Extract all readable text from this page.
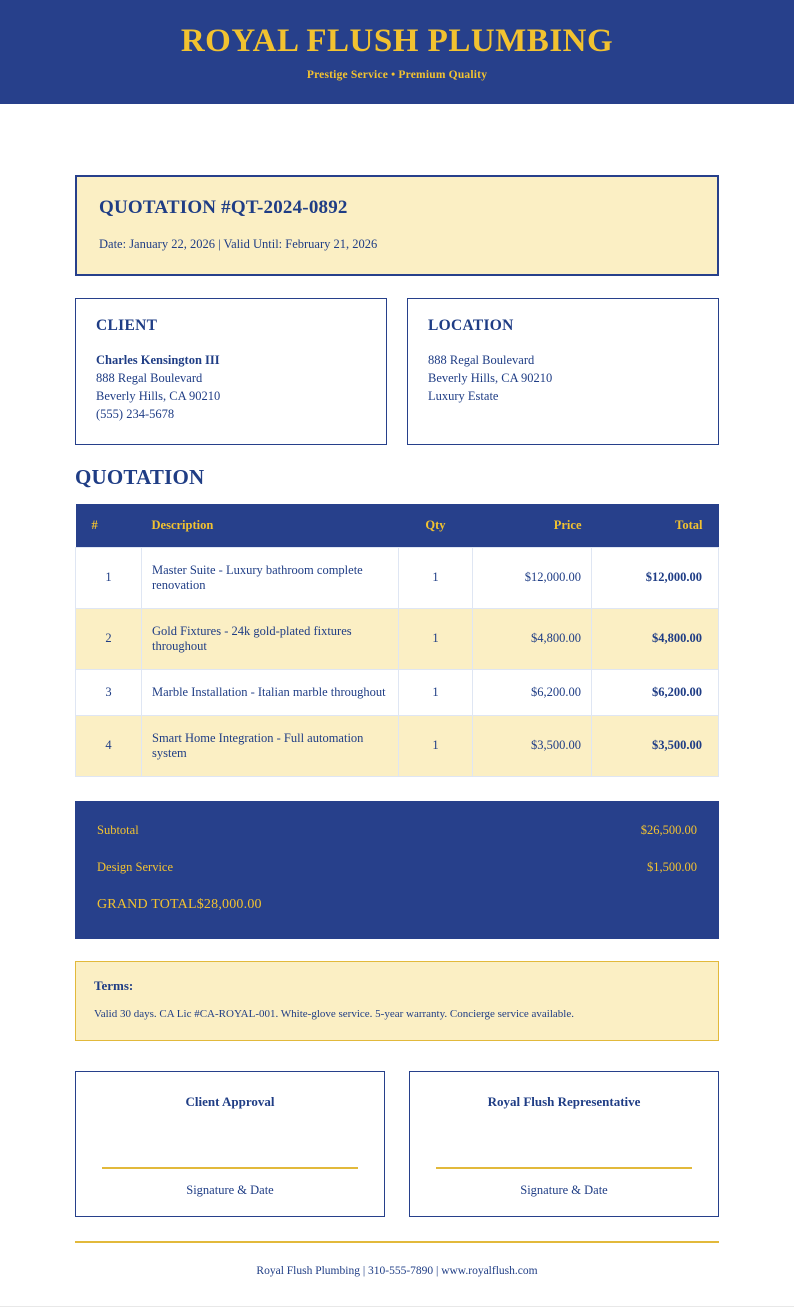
ROYAL FLUSH PLUMBING
Prestige Service • Premium Quality
QUOTATION #QT-2024-0892
Date: January 22, 2026 | Valid Until: February 21, 2026
CLIENT
Charles Kensington III
888 Regal Boulevard
Beverly Hills, CA 90210
(555) 234-5678
LOCATION
888 Regal Boulevard
Beverly Hills, CA 90210
Luxury Estate
QUOTATION
#	Description	Qty	Price	Total
1	Master Suite - Luxury bathroom complete renovation	1	$12,000.00	$12,000.00
2	Gold Fixtures - 24k gold-plated fixtures throughout	1	$4,800.00	$4,800.00
3	Marble Installation - Italian marble throughout	1	$6,200.00	$6,200.00
4	Smart Home Integration - Full automation system	1	$3,500.00	$3,500.00
Subtotal	$26,500.00
Design Service	$1,500.00
GRAND TOTAL$28,000.00
Terms:
Valid 30 days. CA Lic #CA-ROYAL-001. White-glove service. 5-year warranty. Concierge service available.
Client Approval
Signature & Date
Royal Flush Representative
Signature & Date
Royal Flush Plumbing | 310-555-7890 | www.royalflush.com
